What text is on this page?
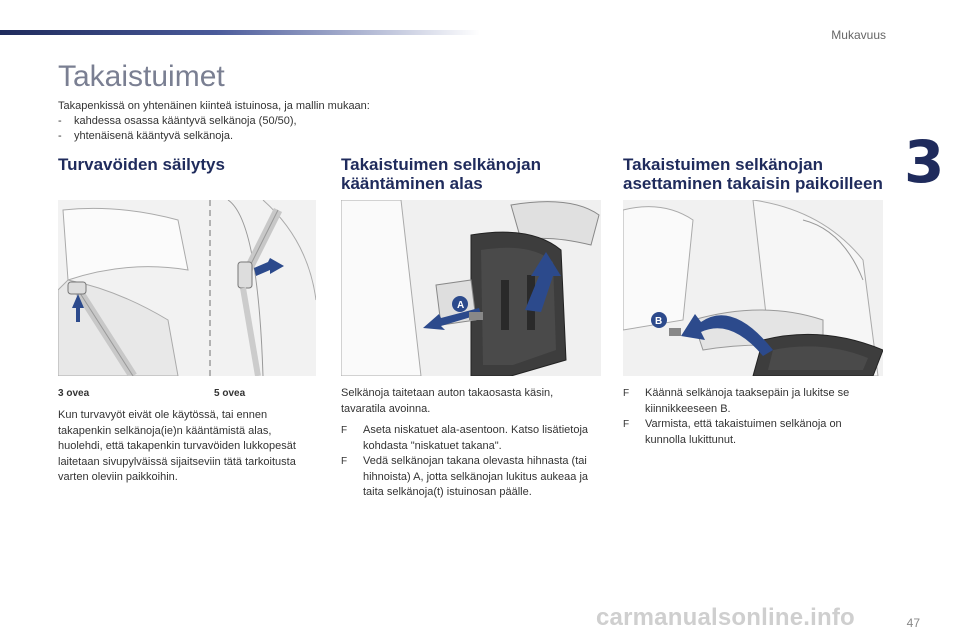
Mukavuus
3
Takaistuimet
Takapenkissä on yhtenäinen kiinteä istuinosa, ja mallin mukaan:
- kahdessa osassa kääntyvä selkänoja (50/50),
- yhtenäisenä kääntyvä selkänoja.
Turvavöiden säilytys
3 ovea	5 ovea

Kun turvavyöt eivät ole käytössä, tai ennen takapenkin selkänoja(ie)n kääntämistä alas, huolehdi, että takapenkin turvavöiden lukkopesät laitetaan sivupylväissä sijaitseviin tätä tarkoitusta varten oleviin paikkoihin.

Takaistuimen selkänojan
kääntäminen alas
A

Selkänoja taitetaan auton takaosasta käsin, tavaratila avoinna.

F Aseta niskatuet ala-asentoon. Katso lisätietoja kohdasta "niskatuet takana".
F Vedä selkänojan takana olevasta hihnasta (tai hihnoista) A, jotta selkänojan lukitus aukeaa ja taita selkänoja(t) istuinosan päälle.
Takaistuimen selkänojan
asettaminen takaisin paikoilleen
B
F Käännä selkänoja taaksepäin ja lukitse se kiinnikkeeseen B.
F Varmista, että takaistuimen selkänoja on kunnolla lukittunut.
carmanualsonline.info	47
